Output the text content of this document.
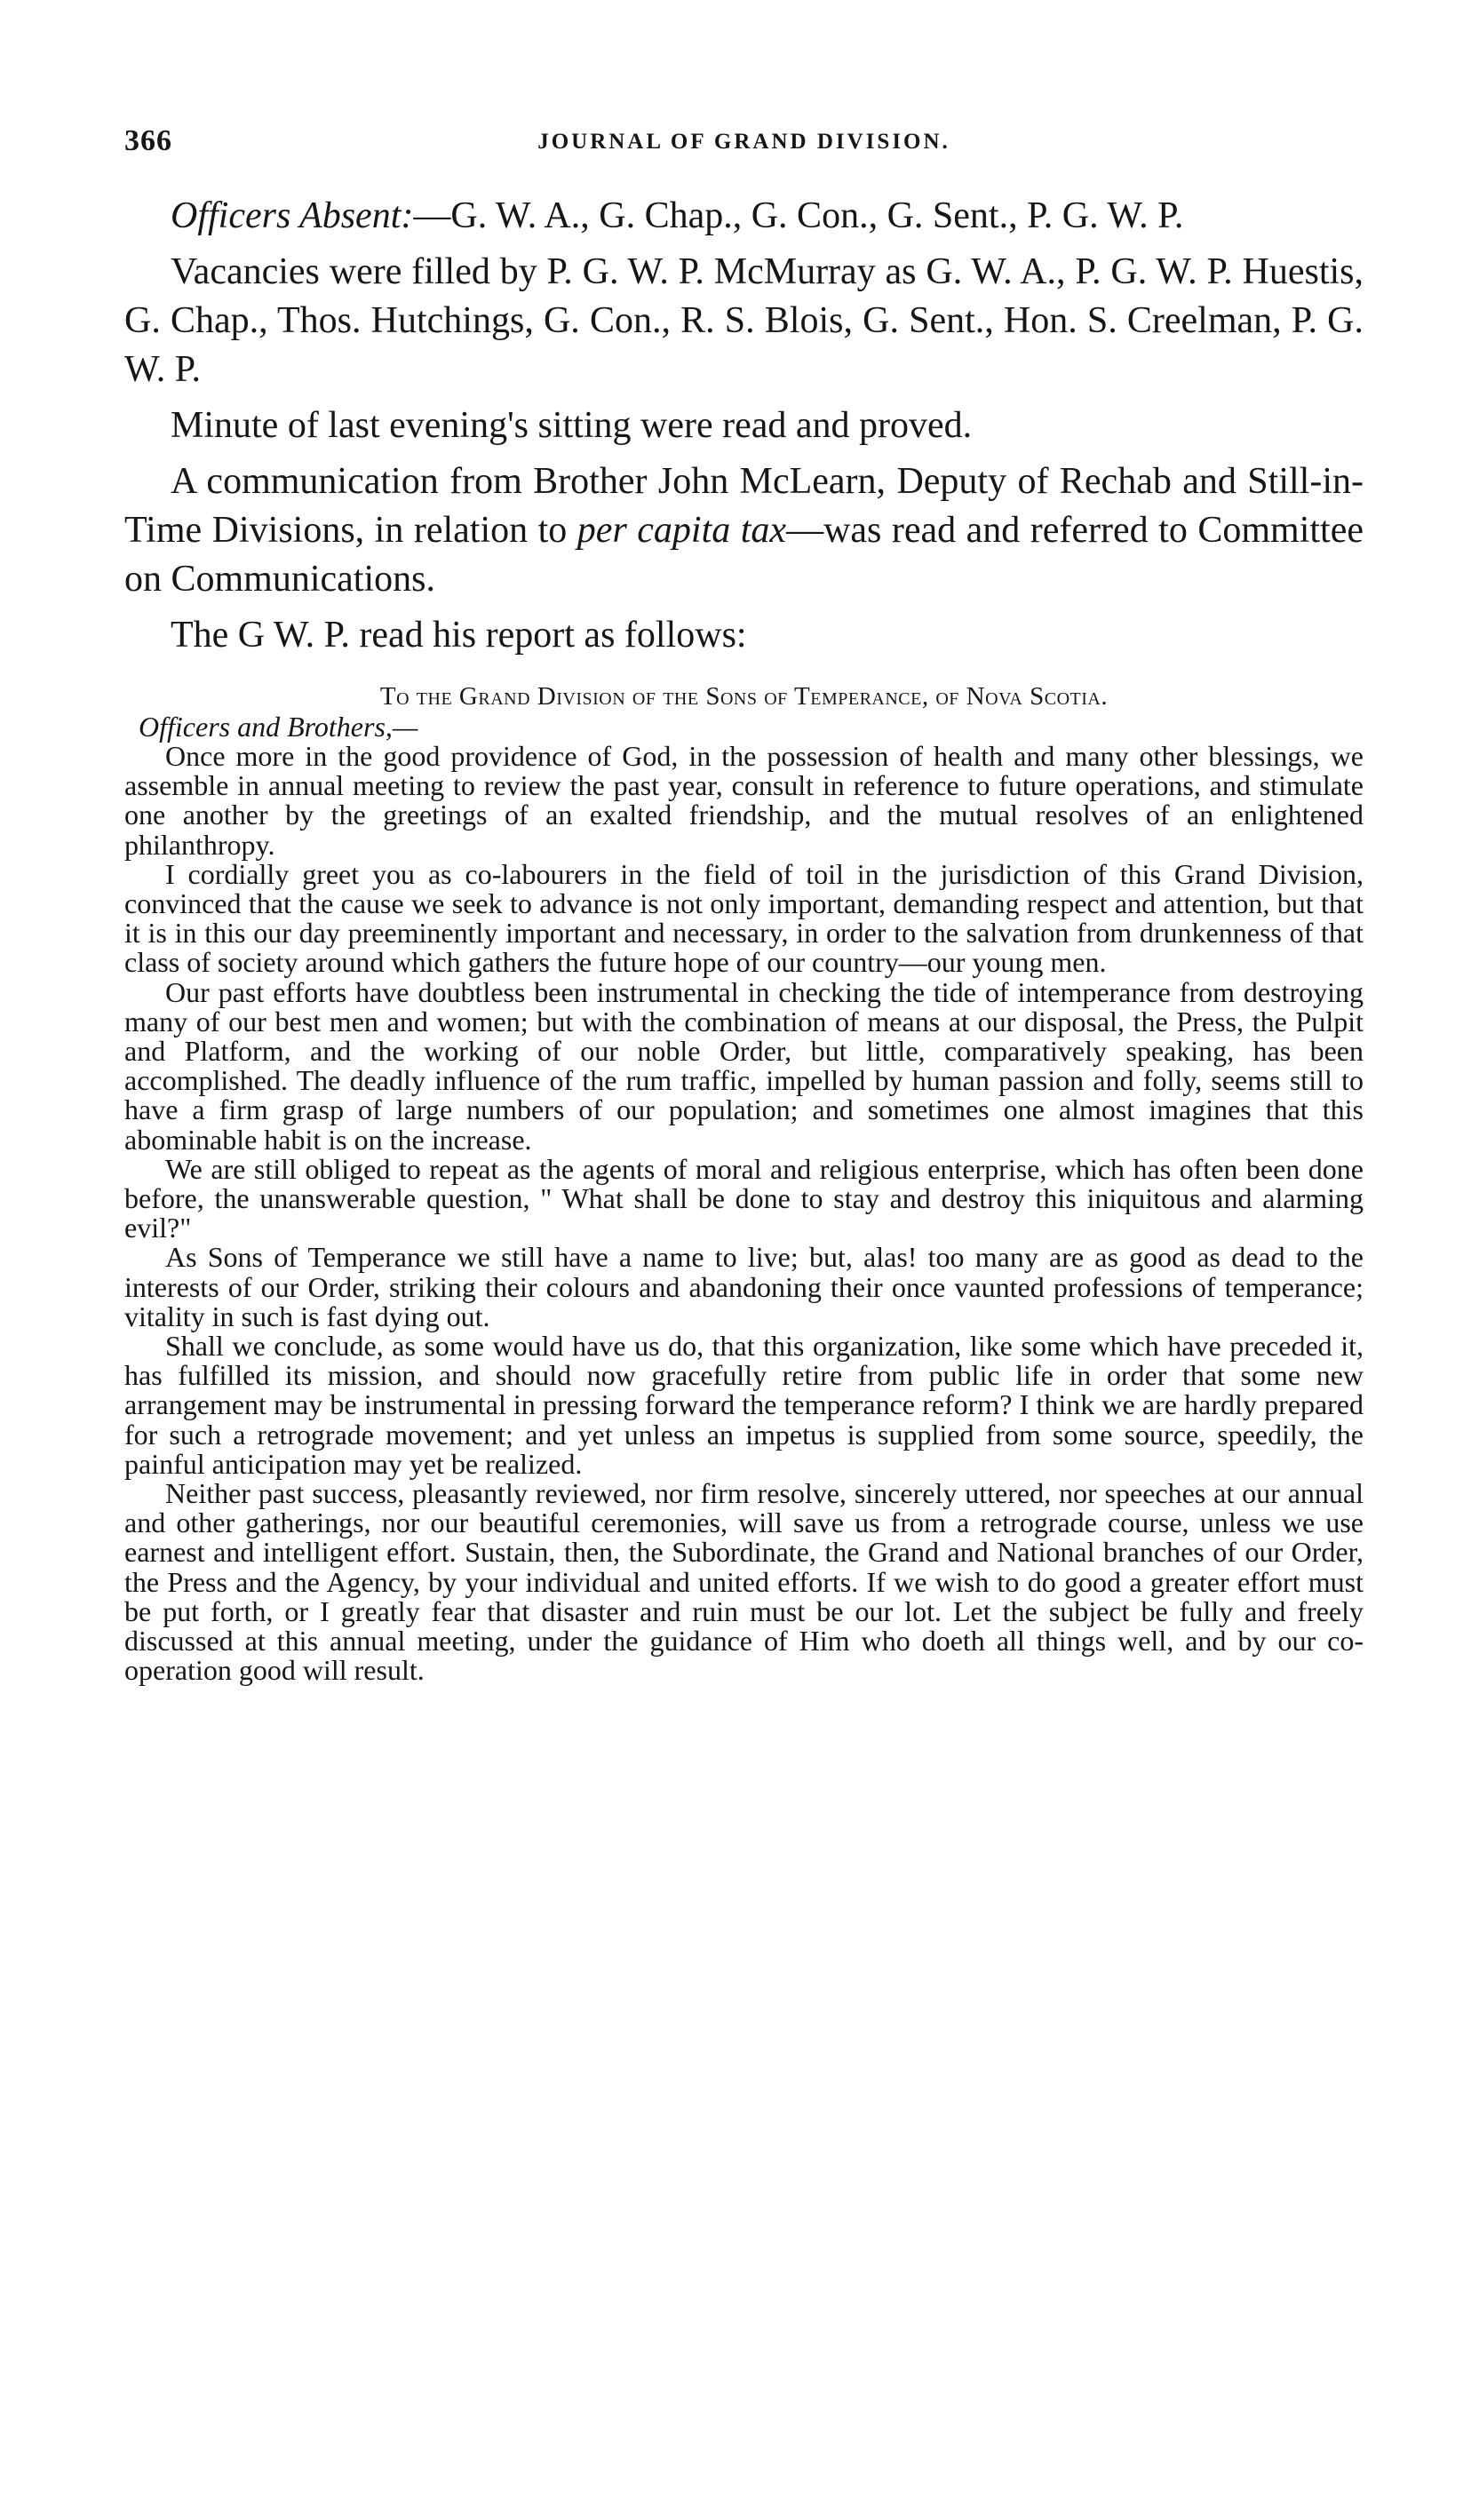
366	JOURNAL OF GRAND DIVISION.

Officers Absent:—G. W. A., G. Chap., G. Con., G. Sent., P. G. W. P.

Vacancies were filled by P. G. W. P. McMurray as G. W. A., P. G. W. P. Huestis, G. Chap., Thos. Hutchings, G. Con., R. S. Blois, G. Sent., Hon. S. Creelman, P. G. W. P.

Minute of last evening's sitting were read and proved.

A communication from Brother John McLearn, Deputy of Rechab and Still-in-Time Divisions, in relation to per capita tax—was read and referred to Committee on Communications.

The G W. P. read his report as follows:

To the Grand Division of the Sons of Temperance, of Nova Scotia.

Officers and Brothers,—

Once more in the good providence of God, in the possession of health and many other blessings, we assemble in annual meeting to review the past year, consult in reference to future operations, and stimulate one another by the greetings of an exalted friendship, and the mutual resolves of an enlightened philanthropy.

I cordially greet you as co-labourers in the field of toil in the jurisdiction of this Grand Division, convinced that the cause we seek to advance is not only important, demanding respect and attention, but that it is in this our day preeminently important and necessary, in order to the salvation from drunkenness of that class of society around which gathers the future hope of our country—our young men.

Our past efforts have doubtless been instrumental in checking the tide of intemperance from destroying many of our best men and women; but with the combination of means at our disposal, the Press, the Pulpit and Platform, and the working of our noble Order, but little, comparatively speaking, has been accomplished. The deadly influence of the rum traffic, impelled by human passion and folly, seems still to have a firm grasp of large numbers of our population; and sometimes one almost imagines that this abominable habit is on the increase.

We are still obliged to repeat as the agents of moral and religious enterprise, which has often been done before, the unanswerable question, " What shall be done to stay and destroy this iniquitous and alarming evil?"

As Sons of Temperance we still have a name to live; but, alas! too many are as good as dead to the interests of our Order, striking their colours and abandoning their once vaunted professions of temperance; vitality in such is fast dying out.

Shall we conclude, as some would have us do, that this organization, like some which have preceded it, has fulfilled its mission, and should now gracefully retire from public life in order that some new arrangement may be instrumental in pressing forward the temperance reform? I think we are hardly prepared for such a retrograde movement; and yet unless an impetus is supplied from some source, speedily, the painful anticipation may yet be realized.

Neither past success, pleasantly reviewed, nor firm resolve, sincerely uttered, nor speeches at our annual and other gatherings, nor our beautiful ceremonies, will save us from a retrograde course, unless we use earnest and intelligent effort. Sustain, then, the Subordinate, the Grand and National branches of our Order, the Press and the Agency, by your individual and united efforts. If we wish to do good a greater effort must be put forth, or I greatly fear that disaster and ruin must be our lot. Let the subject be fully and freely discussed at this annual meeting, under the guidance of Him who doeth all things well, and by our co-operation good will result.
